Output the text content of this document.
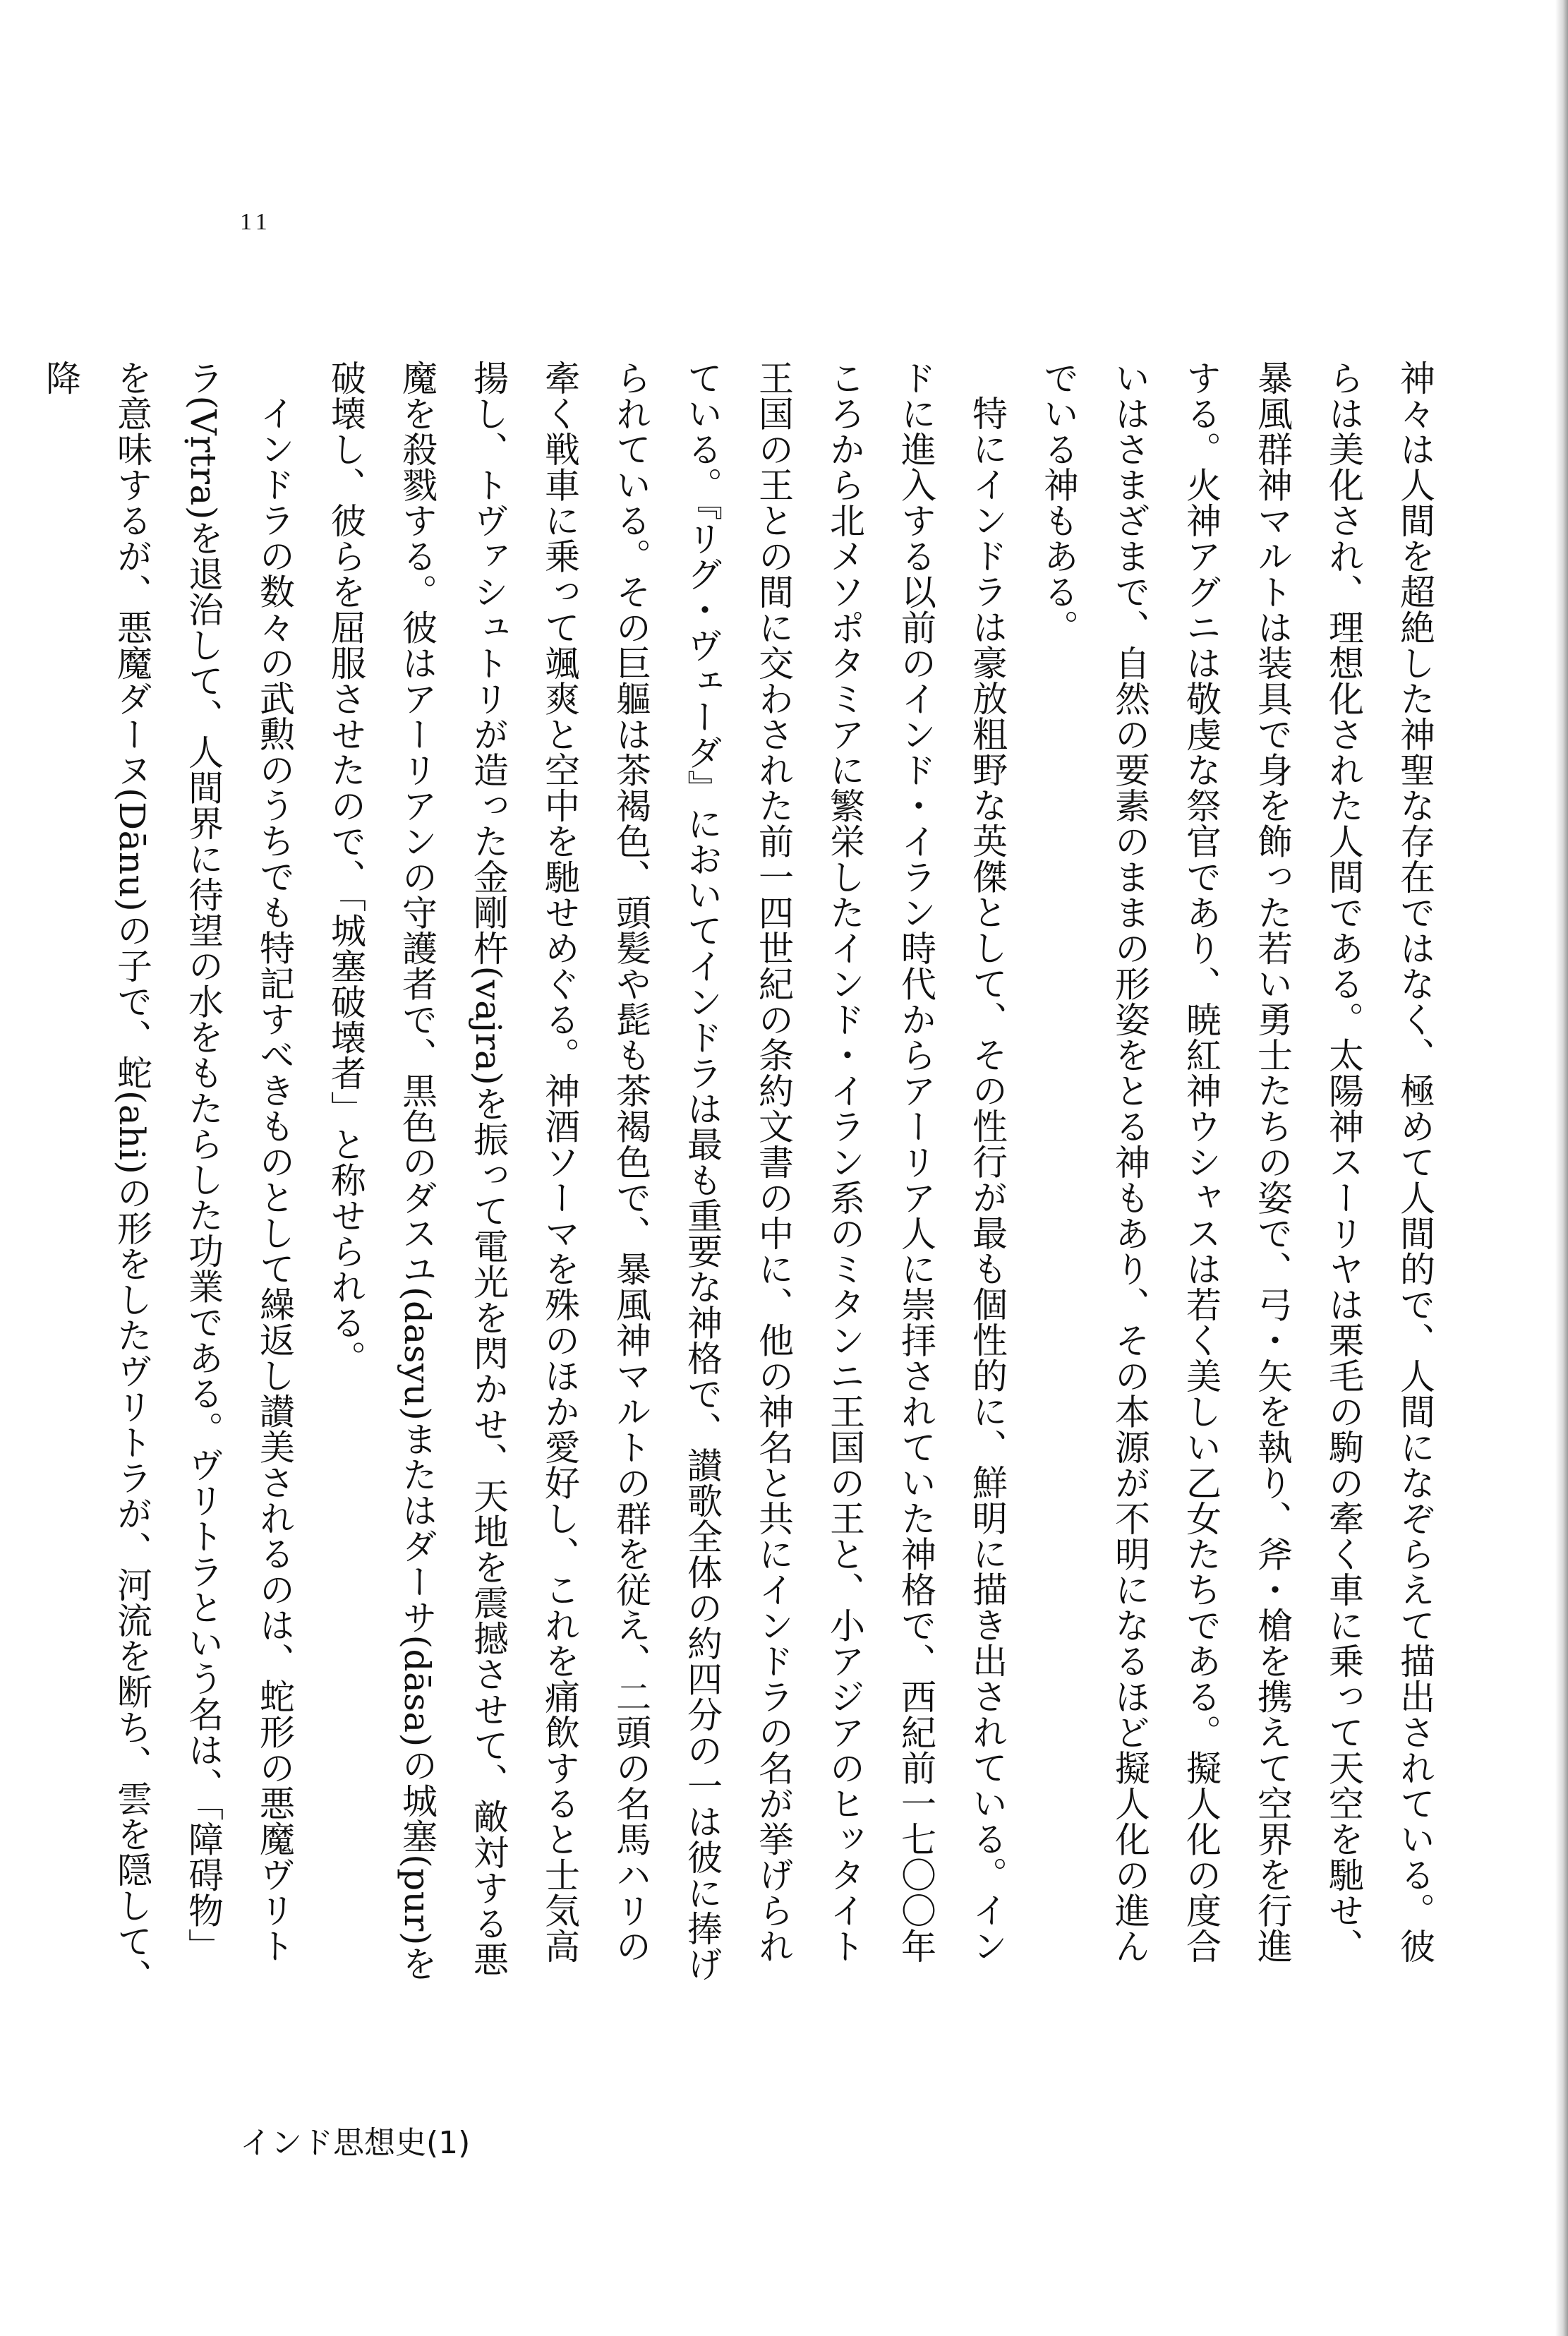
11

神々は人間を超絶した神聖な存在ではなく、極めて人間的で、人間になぞらえて描出されている。彼らは美化され、理想化された人間である。太陽神スーリヤは栗毛の駒の牽く車に乗って天空を馳せ、暴風群神マルトは装具で身を飾った若い勇士たちの姿で、弓・矢を執り、斧・槍を携えて空界を行進する。火神アグニは敬虔な祭官であり、暁紅神ウシャスは若く美しい乙女たちである。擬人化の度合いはさまざまで、自然の要素のままの形姿をとる神もあり、その本源が不明になるほど擬人化の進んでいる神もある。

特にインドラは豪放粗野な英傑として、その性行が最も個性的に、鮮明に描き出されている。インドに進入する以前のインド・イラン時代からアーリア人に崇拝されていた神格で、西紀前一七〇〇年ころから北メソポタミアに繁栄したインド・イラン系のミタンニ王国の王と、小アジアのヒッタイト王国の王との間に交わされた前一四世紀の条約文書の中に、他の神名と共にインドラの名が挙げられている。『リグ・ヴェーダ』においてインドラは最も重要な神格で、讃歌全体の約四分の一は彼に捧げられている。その巨軀は茶褐色、頭髪や髭も茶褐色で、暴風神マルトの群を従え、二頭の名馬ハリの牽く戦車に乗って颯爽と空中を馳せめぐる。神酒ソーマを殊のほか愛好し、これを痛飲すると士気高揚し、トヴァシュトリが造った金剛杵(vajra)を振って電光を閃かせ、天地を震撼させて、敵対する悪魔を殺戮する。彼はアーリアンの守護者で、黒色のダスユ(dasyu)またはダーサ(dāsa)の城塞(pur)を破壊し、彼らを屈服させたので、「城塞破壊者」と称せられる。

インドラの数々の武勲のうちでも特記すべきものとして繰返し讃美されるのは、蛇形の悪魔ヴリトラ(Vṛtra)を退治して、人間界に待望の水をもたらした功業である。ヴリトラという名は、「障碍物」を意味するが、悪魔ダーヌ(Dānu)の子で、蛇(ahi)の形をしたヴリトラが、河流を断ち、雲を隠して、降

インド思想史(1)
